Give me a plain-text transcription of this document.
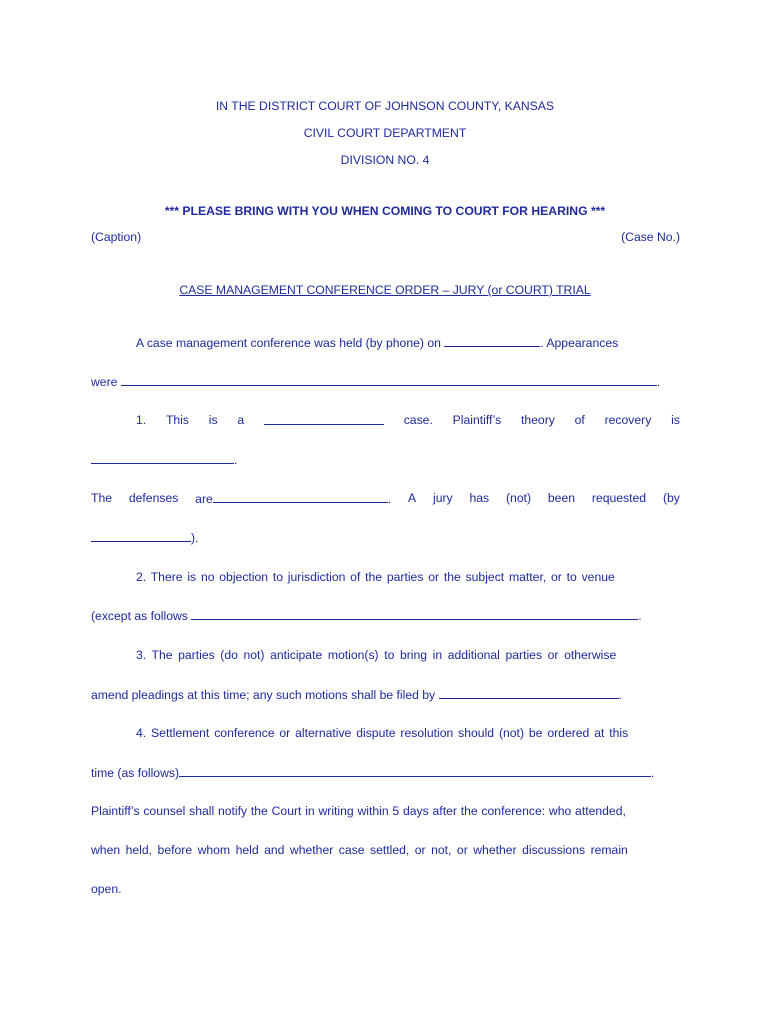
IN THE DISTRICT COURT OF JOHNSON COUNTY, KANSAS
CIVIL COURT DEPARTMENT
DIVISION NO. 4
*** PLEASE BRING WITH YOU WHEN COMING TO COURT FOR HEARING ***
(Caption)	(Case No.)
CASE MANAGEMENT CONFERENCE ORDER – JURY (or COURT) TRIAL
A case management conference was held (by phone) on	. Appearances
were	.
1. This is a	case. Plaintiff’s theory of recovery is
.
The defenses are	. A jury has (not) been requested (by
).
2. There is no objection to jurisdiction of the parties or the subject matter, or to venue
(except as follows	.
3. The parties (do not) anticipate motion(s) to bring in additional parties or otherwise
amend pleadings at this time; any such motions shall be filed by	.
4. Settlement conference or alternative dispute resolution should (not) be ordered at this
time (as follows)	.
Plaintiff’s counsel shall notify the Court in writing within 5 days after the conference: who attended,
when held, before whom held and whether case settled, or not, or whether discussions remain
open.
